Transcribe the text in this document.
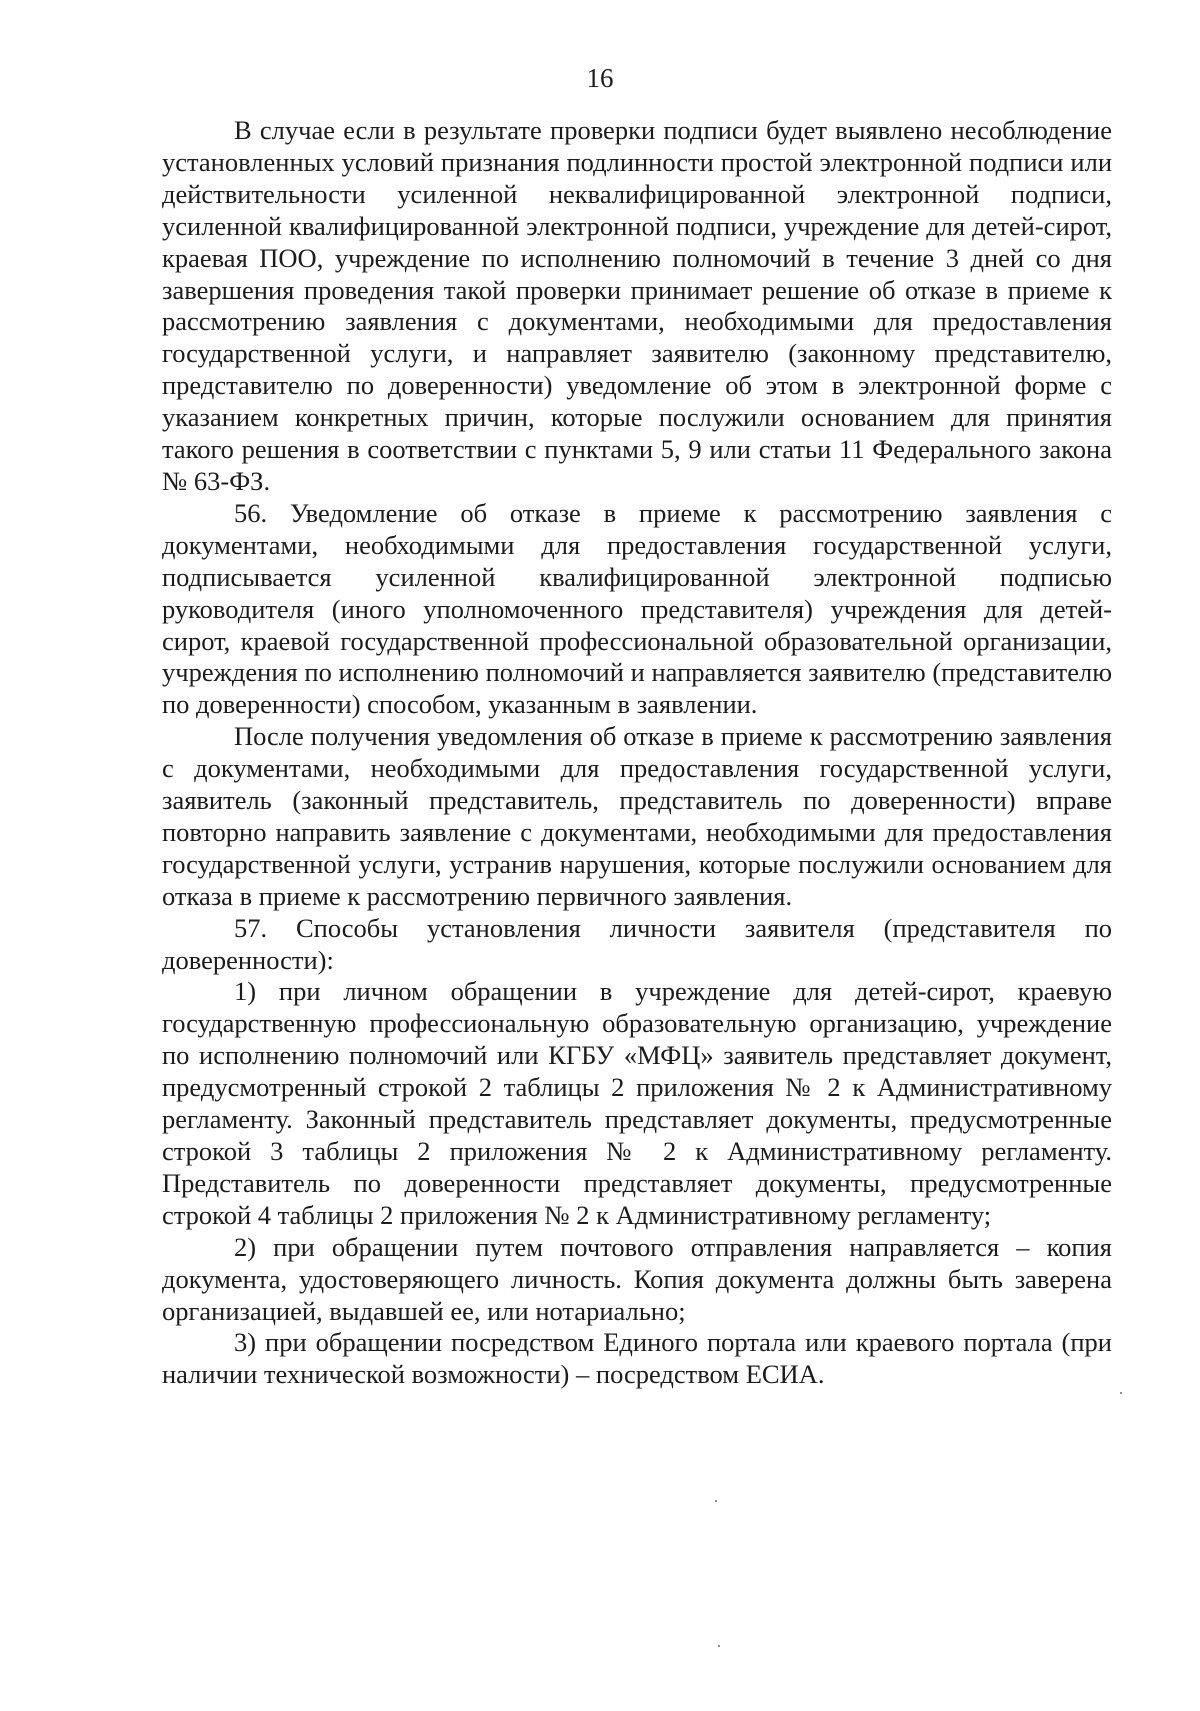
16

В случае если в результате проверки подписи будет выявлено несоблюдение установленных условий признания подлинности простой электронной подписи или действительности усиленной неквалифицированной электронной подписи, усиленной квалифицированной электронной подписи, учреждение для детей-сирот, краевая ПОО, учреждение по исполнению полномочий в течение 3 дней со дня завершения проведения такой проверки принимает решение об отказе в приеме к рассмотрению заявления с документами, необходимыми для предоставления государственной услуги, и направляет заявителю (законному представителю, представителю по доверенности) уведомление об этом в электронной форме с указанием конкретных причин, которые послужили основанием для принятия такого решения в соответствии с пунктами 5, 9 или статьи 11 Федерального закона № 63-ФЗ.

56. Уведомление об отказе в приеме к рассмотрению заявления с документами, необходимыми для предоставления государственной услуги, подписывается усиленной квалифицированной электронной подписью руководителя (иного уполномоченного представителя) учреждения для детей-сирот, краевой государственной профессиональной образовательной организации, учреждения по исполнению полномочий и направляется заявителю (представителю по доверенности) способом, указанным в заявлении.

После получения уведомления об отказе в приеме к рассмотрению заявления с документами, необходимыми для предоставления государственной услуги, заявитель (законный представитель, представитель по доверенности) вправе повторно направить заявление с документами, необходимыми для предоставления государственной услуги, устранив нарушения, которые послужили основанием для отказа в приеме к рассмотрению первичного заявления.

57. Способы установления личности заявителя (представителя по доверенности):

1) при личном обращении в учреждение для детей-сирот, краевую государственную профессиональную образовательную организацию, учреждение по исполнению полномочий или КГБУ «МФЦ» заявитель представляет документ, предусмотренный строкой 2 таблицы 2 приложения № 2 к Административному регламенту. Законный представитель представляет документы, предусмотренные строкой 3 таблицы 2 приложения № 2 к Административному регламенту. Представитель по доверенности представляет документы, предусмотренные строкой 4 таблицы 2 приложения № 2 к Административному регламенту;

2) при обращении путем почтового отправления направляется – копия документа, удостоверяющего личность. Копия документа должны быть заверена организацией, выдавшей ее, или нотариально;

3) при обращении посредством Единого портала или краевого портала (при наличии технической возможности) – посредством ЕСИА.
